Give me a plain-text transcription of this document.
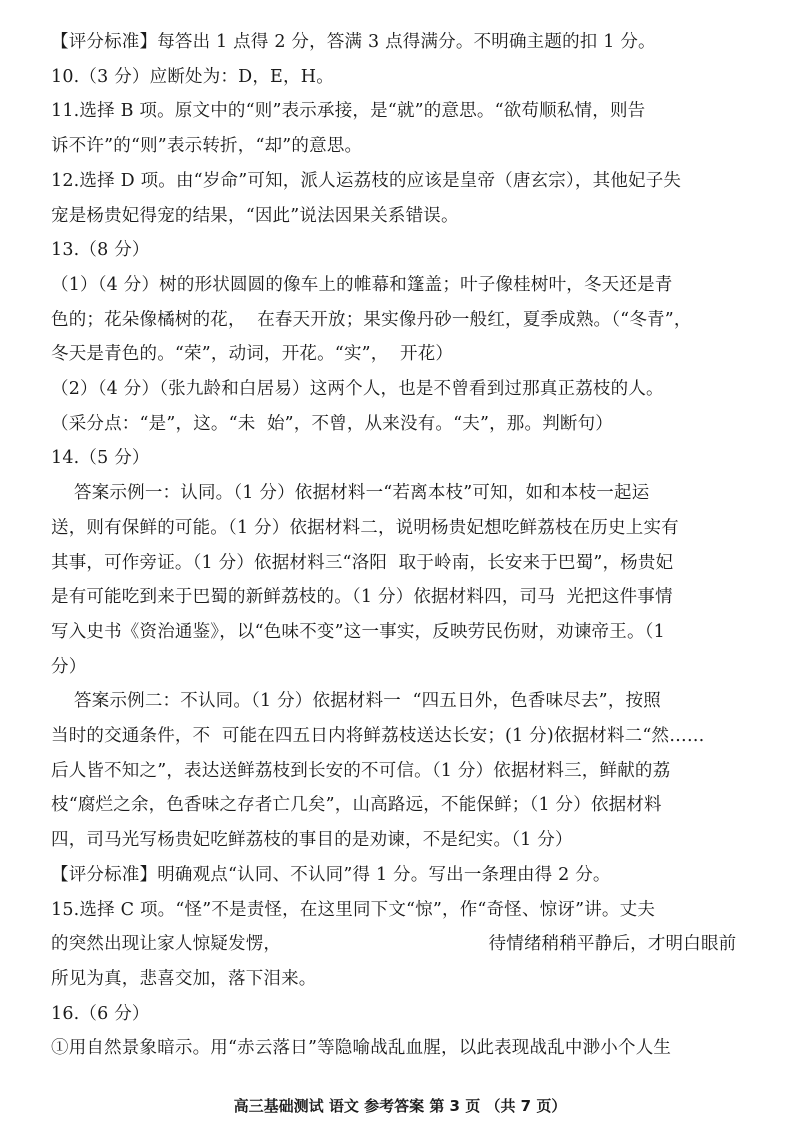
【评分标准】每答出 1 点得 2 分，答满 3 点得满分。不明确主题的扣 1 分。
10.（3 分）应断处为：D，E，H。
11.选择 B 项。原文中的“则”表示承接，是“就”的意思。“欲苟顺私情，则告
诉不许”的“则”表示转折，“却”的意思。
12.选择 D 项。由“岁命”可知，派人运荔枝的应该是皇帝（唐玄宗），其他妃子失
宠是杨贵妃得宠的结果，“因此”说法因果关系错误。
13.（8 分）
（1）（4 分）树的形状圆圆的像车上的帷幕和篷盖；叶子像桂树叶，冬天还是青
色的；花朵像橘树的花，  在春天开放；果实像丹砂一般红，夏季成熟。（“冬青”，
冬天是青色的。“荣”，动词，开花。“实”，  开花）
（2）（4 分）（张九龄和白居易）这两个人，也是不曾看到过那真正荔枝的人。
（采分点：“是”，这。“未  始”，不曾，从来没有。“夫”，那。判断句）
14.（5 分）
答案示例一：认同。（1 分）依据材料一“若离本枝”可知，如和本枝一起运
送，则有保鲜的可能。（1 分）依据材料二，说明杨贵妃想吃鲜荔枝在历史上实有
其事，可作旁证。（1 分）依据材料三“洛阳  取于岭南，长安来于巴蜀”，杨贵妃
是有可能吃到来于巴蜀的新鲜荔枝的。（1 分）依据材料四，司马  光把这件事情
写入史书《资治通鉴》，以“色味不变”这一事实，反映劳民伤财，劝谏帝王。（1
分）
答案示例二：不认同。（1 分）依据材料一  “四五日外，色香味尽去”，按照
当时的交通条件，不  可能在四五日内将鲜荔枝送达长安；(1 分)依据材料二“然……
后人皆不知之”，表达送鲜荔枝到长安的不可信。（1 分）依据材料三，鲜献的荔
枝“腐烂之余，色香味之存者亡几矣”，山高路远，不能保鲜；（1 分）依据材料
四，司马光写杨贵妃吃鲜荔枝的事目的是劝谏，不是纪实。（1 分）
【评分标准】明确观点“认同、不认同”得 1 分。写出一条理由得 2 分。
15.选择 C 项。“怪”不是责怪，在这里同下文“惊”，作“奇怪、惊讶”讲。丈夫
的突然出现让家人惊疑发愣，                                    待情绪稍稍平静后，才明白眼前
所见为真，悲喜交加，落下泪来。
16.（6 分）
①用自然景象暗示。用“赤云落日”等隐喻战乱血腥，以此表现战乱中渺小个人生
高三基础测试 语文 参考答案 第 3 页 （共 7 页）
